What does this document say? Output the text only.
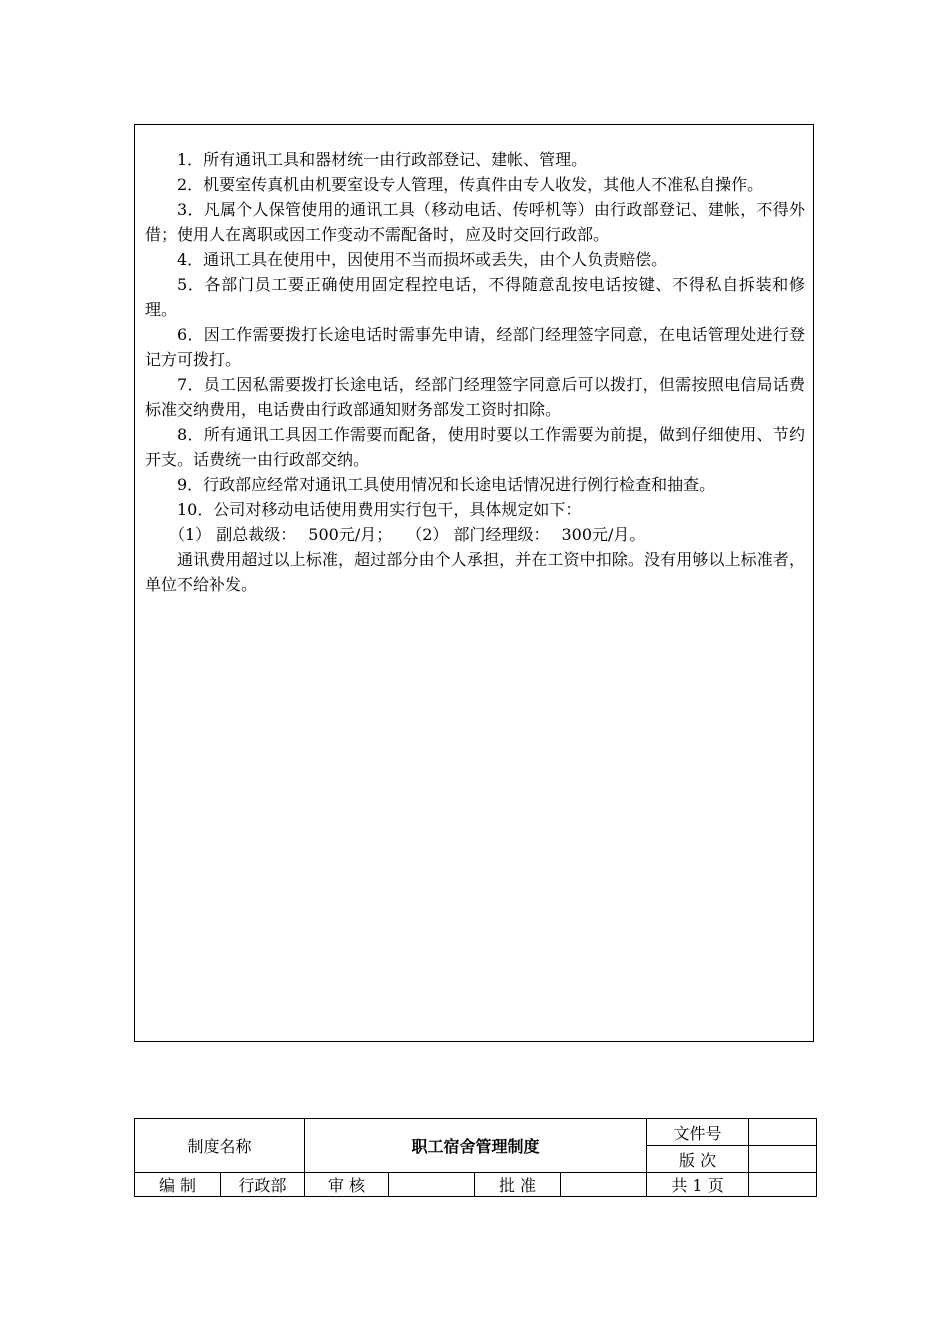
1．所有通讯工具和器材统一由行政部登记、建帐、管理。

2．机要室传真机由机要室设专人管理，传真件由专人收发，其他人不准私自操作。

3．凡属个人保管使用的通讯工具（移动电话、传呼机等）由行政部登记、建帐，不得外借；使用人在离职或因工作变动不需配备时，应及时交回行政部。

4．通讯工具在使用中，因使用不当而损坏或丢失，由个人负责赔偿。

5．各部门员工要正确使用固定程控电话，不得随意乱按电话按键、不得私自拆装和修理。

6．因工作需要拨打长途电话时需事先申请，经部门经理签字同意，在电话管理处进行登记方可拨打。

7．员工因私需要拨打长途电话，经部门经理签字同意后可以拨打，但需按照电信局话费标准交纳费用，电话费由行政部通知财务部发工资时扣除。

8．所有通讯工具因工作需要而配备，使用时要以工作需要为前提，做到仔细使用、节约开支。话费统一由行政部交纳。

9．行政部应经常对通讯工具使用情况和长途电话情况进行例行检查和抽查。

10．公司对移动电话使用费用实行包干，具体规定如下：

（1） 副总裁级： 500元/月； （2） 部门经理级： 300元/月。

通讯费用超过以上标准，超过部分由个人承担，并在工资中扣除。没有用够以上标准者，单位不给补发。

制度名称		职工宿舍管理制度				文件号	
						版 次	
编 制	行政部	审 核		批 准		共 1 页	
